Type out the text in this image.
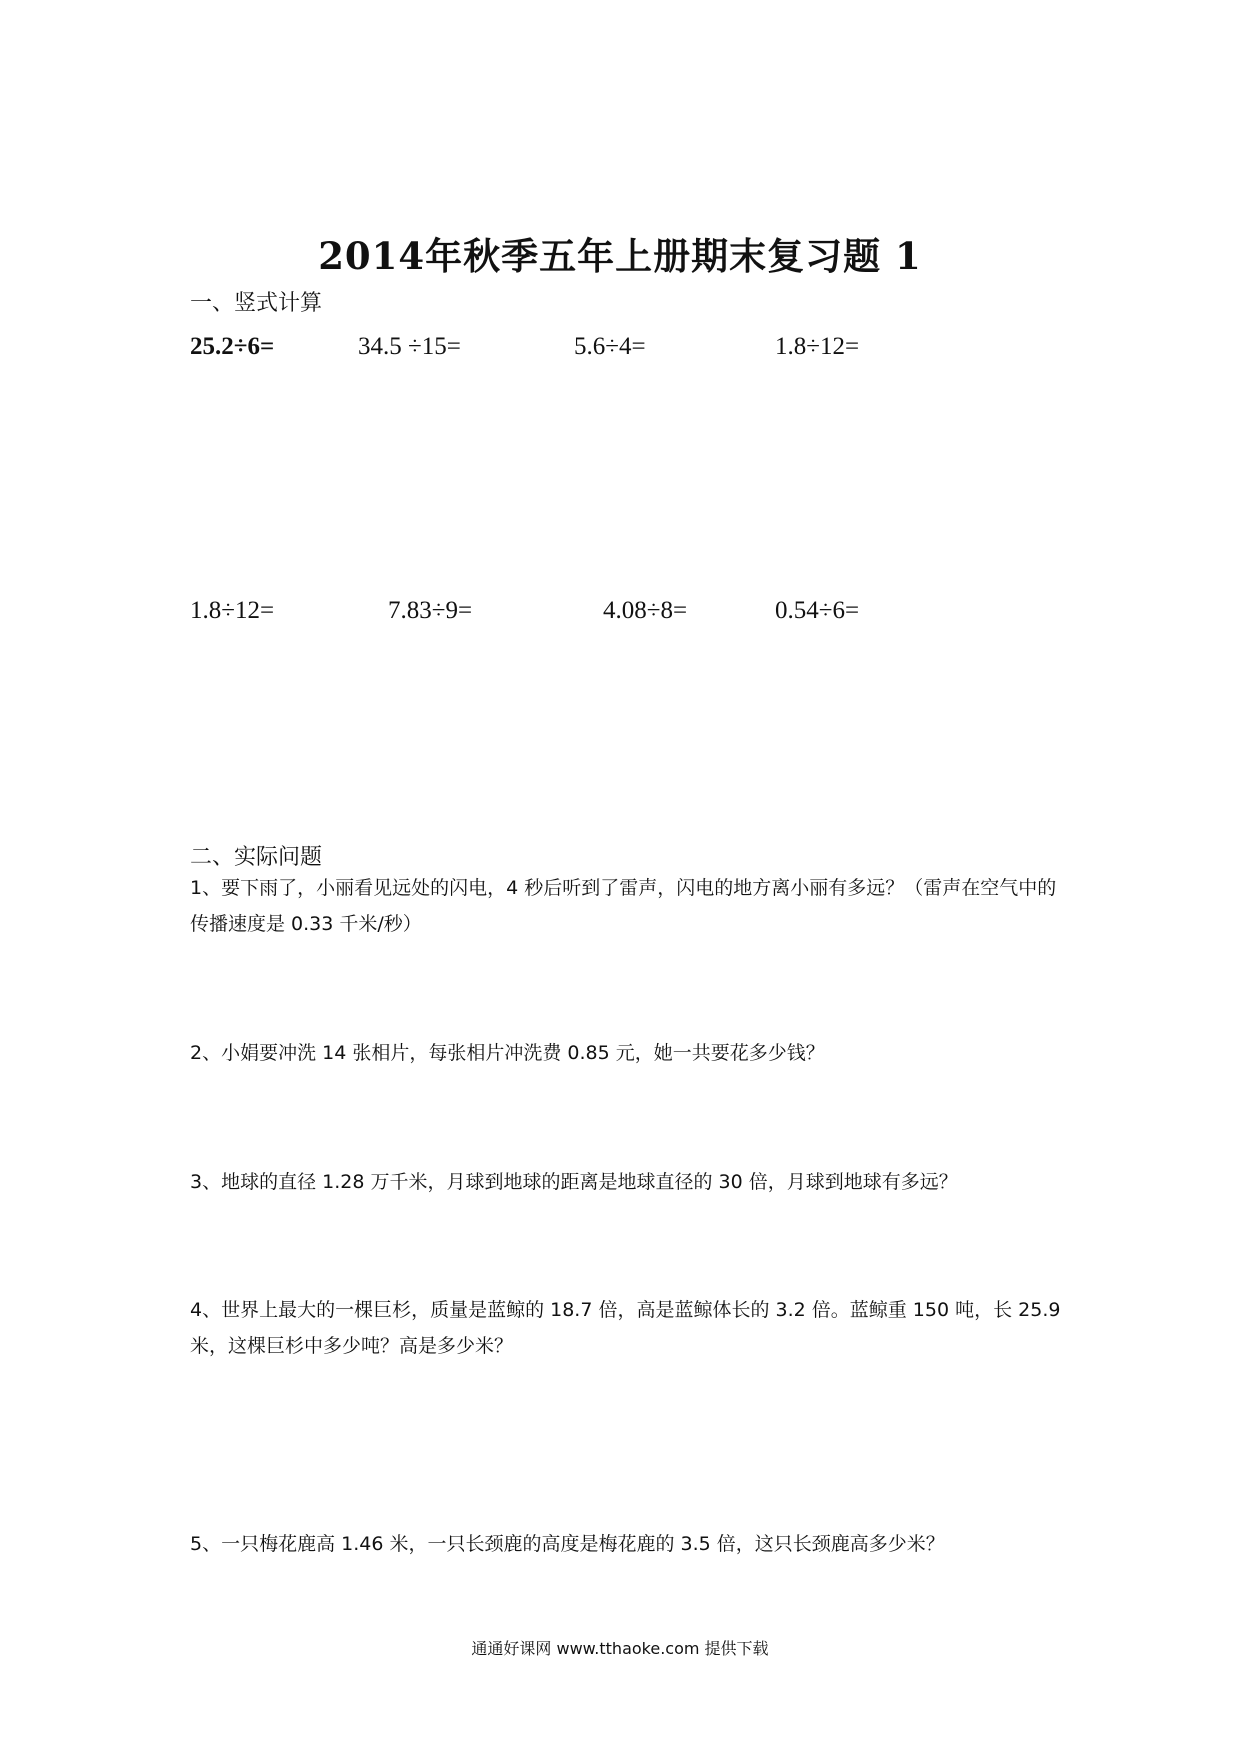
2014年秋季五年上册期末复习题 1
一、竖式计算
25.2÷6=	34.5 ÷15=	5.6÷4=	1.8÷12=
1.8÷12=	7.83÷9=	4.08÷8=	0.54÷6=
二、实际问题
1、要下雨了，小丽看见远处的闪电，4 秒后听到了雷声，闪电的地方离小丽有多远？（雷声在空气中的传播速度是 0.33 千米/秒）
2、小娟要冲洗 14 张相片，每张相片冲洗费 0.85 元，她一共要花多少钱？
3、地球的直径 1.28 万千米，月球到地球的距离是地球直径的 30 倍，月球到地球有多远？
4、世界上最大的一棵巨杉，质量是蓝鲸的 18.7 倍，高是蓝鲸体长的 3.2 倍。蓝鲸重 150 吨，长 25.9 米，这棵巨杉中多少吨？高是多少米？
5、一只梅花鹿高 1.46 米，一只长颈鹿的高度是梅花鹿的 3.5 倍，这只长颈鹿高多少米？
通通好课网 www.tthaoke.com 提供下载
